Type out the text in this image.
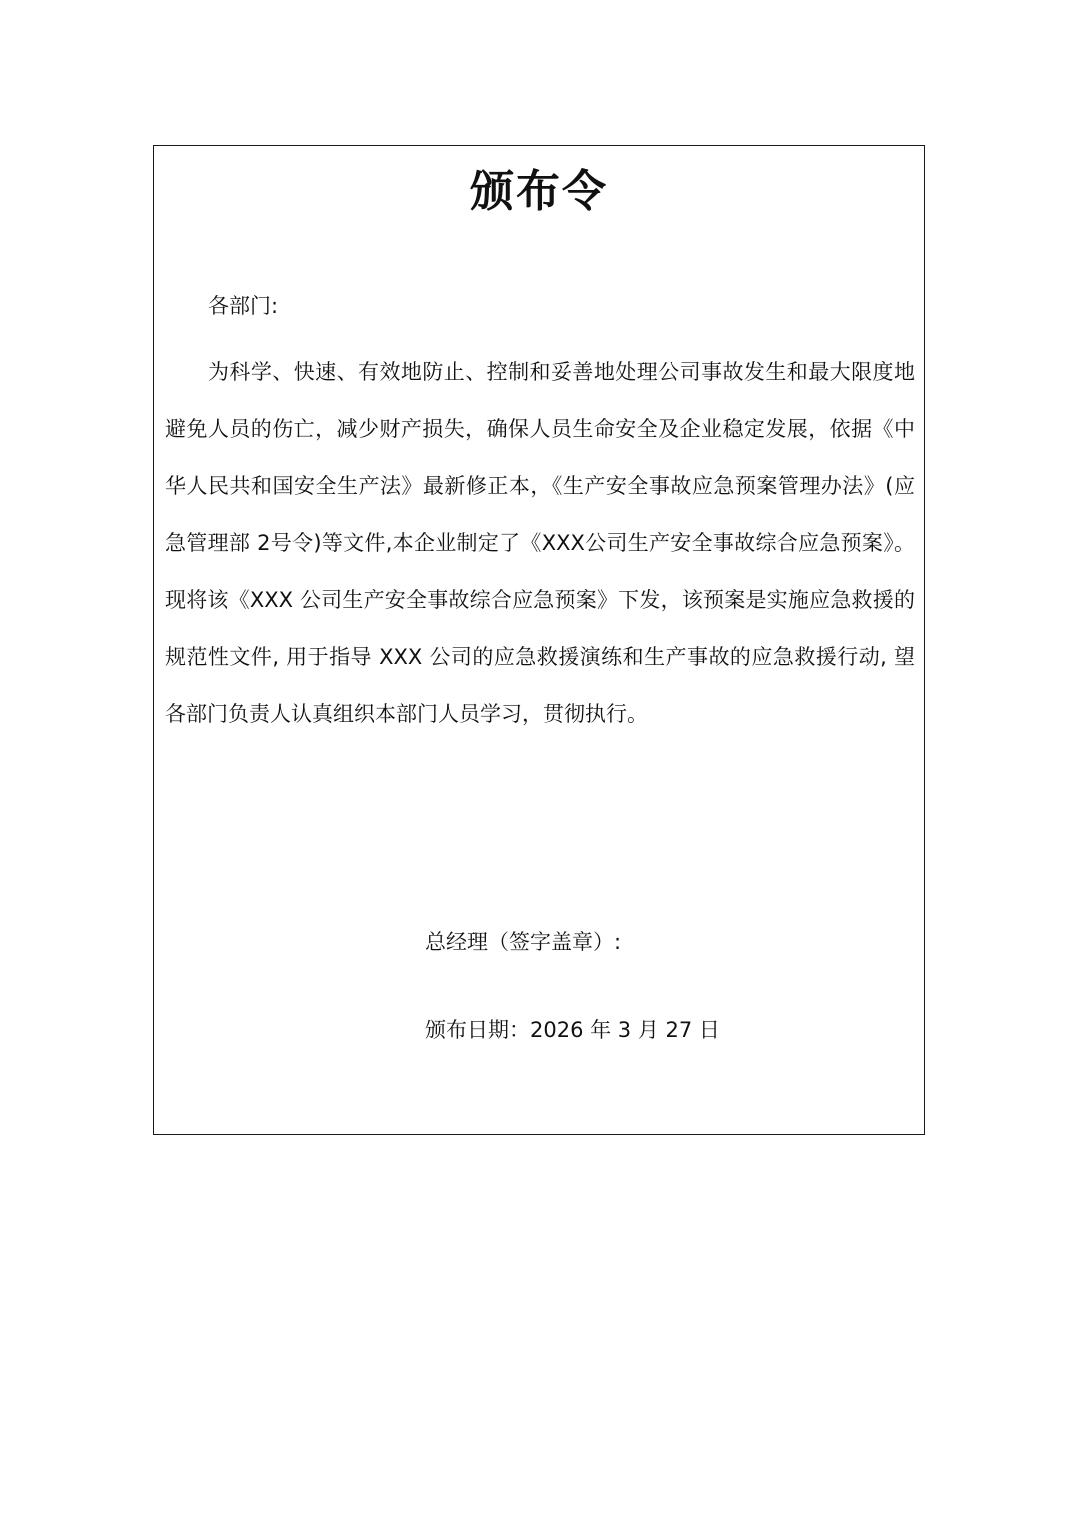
颁布令
各部门:
为科学、快速、有效地防止、控制和妥善地处理公司事故发生和最大限度地避免人员的伤亡，减少财产损失，确保人员生命安全及企业稳定发展，依据《中华人民共和国安全生产法》最新修正本，《生产安全事故应急预案管理办法》(应急管理部 2号令)等文件,本企业制定了《XXX公司生产安全事故综合应急预案》。现将该《XXX 公司生产安全事故综合应急预案》下发，该预案是实施应急救援的规范性文件, 用于指导 XXX 公司的应急救援演练和生产事故的应急救援行动, 望各部门负责人认真组织本部门人员学习，贯彻执行。
总经理（签字盖章）:
颁布日期：2026 年 3 月 27 日
